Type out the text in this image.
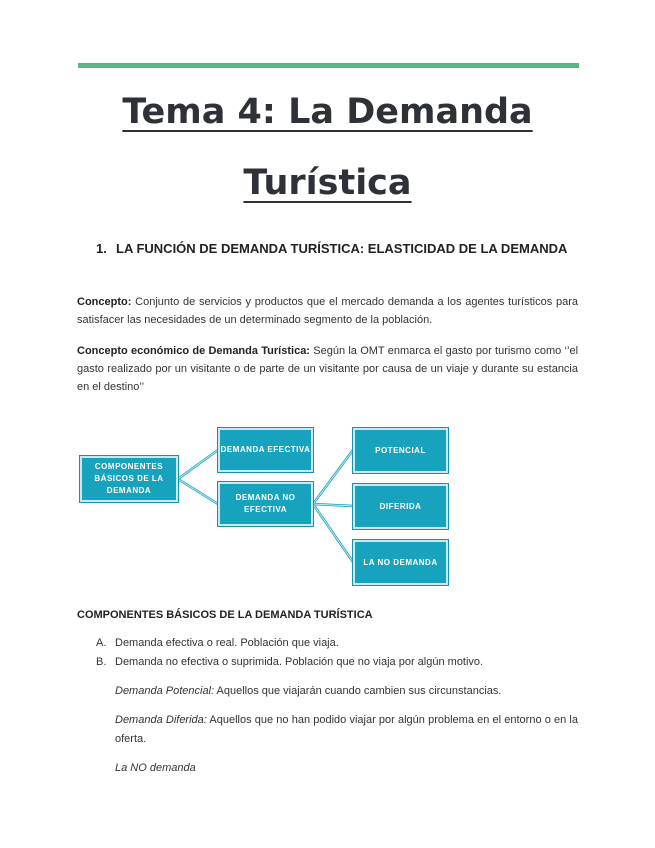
Tema 4: La Demanda
Turística
1. LA FUNCIÓN DE DEMANDA TURÍSTICA: ELASTICIDAD DE LA DEMANDA

Concepto: Conjunto de servicios y productos que el mercado demanda a los agentes turísticos para satisfacer las necesidades de un determinado segmento de la población.

Concepto económico de Demanda Turística: Según la OMT enmarca el gasto por turismo como ‘’el gasto realizado por un visitante o de parte de un visitante por causa de un viaje y durante su estancia en el destino’’

COMPONENTES BÁSICOS DE LA DEMANDA
DEMANDA EFECTIVA
DEMANDA NO EFECTIVA
POTENCIAL
DIFERIDA
LA NO DEMANDA
COMPONENTES BÁSICOS DE LA DEMANDA TURÍSTICA
A. Demanda efectiva o real. Población que viaja.
B. Demanda no efectiva o suprimida. Población que no viaja por algún motivo.

Demanda Potencial: Aquellos que viajarán cuando cambien sus circunstancias.

Demanda Diferida: Aquellos que no han podido viajar por algún problema en el entorno o en la oferta.

La NO demanda
